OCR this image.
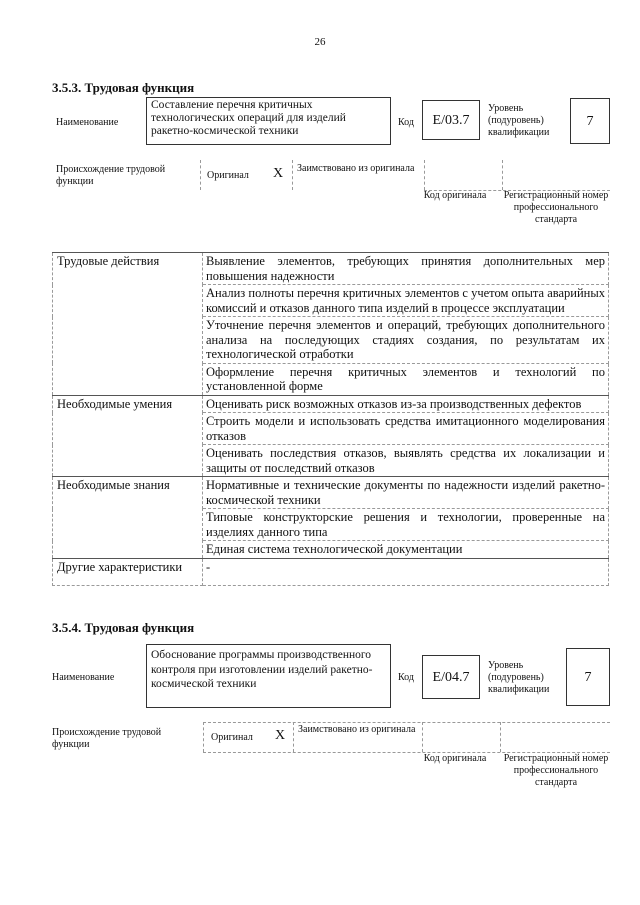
26
3.5.3. Трудовая функция
Наименование
Составление перечня критичных технологических операций для изделий ракетно-космической техники
Код	E/03.7
Уровень (подуровень) квалификации
7
Происхождение трудовой функции
Оригинал X Заимствовано из оригинала
Код оригинала	Регистрационный номер профессионального стандарта
Трудовые действия	Выявление элементов, требующих принятия дополнительных мер повышения надежности
	Анализ полноты перечня критичных элементов с учетом опыта аварийных комиссий и отказов данного типа изделий в процессе эксплуатации
	Уточнение перечня элементов и операций, требующих дополнительного анализа на последующих стадиях создания, по результатам их технологической отработки
	Оформление перечня критичных элементов и технологий по установленной форме
Необходимые умения	Оценивать риск возможных отказов из-за производственных дефектов
	Строить модели и использовать средства имитационного моделирования отказов
	Оценивать последствия отказов, выявлять средства их локализации и защиты от последствий отказов
Необходимые знания	Нормативные и технические документы по надежности изделий ракетно-космической техники
	Типовые конструкторские решения и технологии, проверенные на изделиях данного типа
	Единая система технологической документации
Другие характеристики	-
3.5.4. Трудовая функция
Наименование
Обоснование программы производственного контроля при изготовлении изделий ракетно-космической техники
Код	E/04.7
Уровень (подуровень) квалификации
7
Происхождение трудовой функции
Оригинал X Заимствовано из оригинала
Код оригинала	Регистрационный номер профессионального стандарта
